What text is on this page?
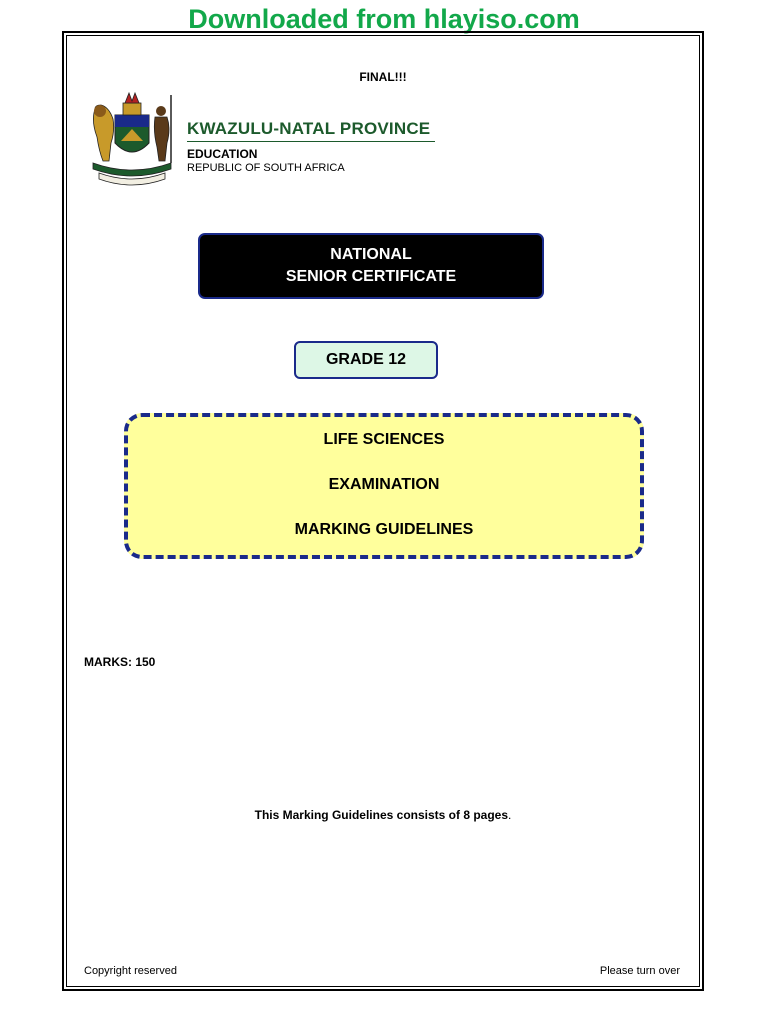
Downloaded from hlayiso.com
FINAL!!!
KWAZULU-NATAL PROVINCE
EDUCATION
REPUBLIC OF SOUTH AFRICA
NATIONAL
SENIOR CERTIFICATE
GRADE 12
LIFE SCIENCES
EXAMINATION
MARKING GUIDELINES
MARKS: 150
This Marking Guidelines consists of 8 pages.
Copyright reserved	Please turn over
